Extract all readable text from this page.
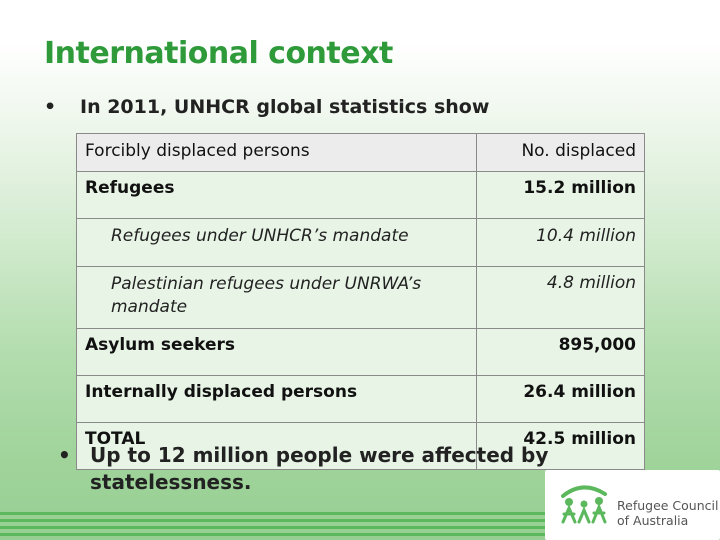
International context
• In 2011, UNHCR global statistics show
Forcibly displaced persons	No. displaced
Refugees	15.2 million
Refugees under UNHCR’s mandate	10.4 million
Palestinian refugees under UNRWA’s mandate	4.8 million
Asylum seekers	895,000
Internally displaced persons	26.4 million
TOTAL	42.5 million
• Up to 12 million people were affected by statelessness.
Refugee Council
of Australia
